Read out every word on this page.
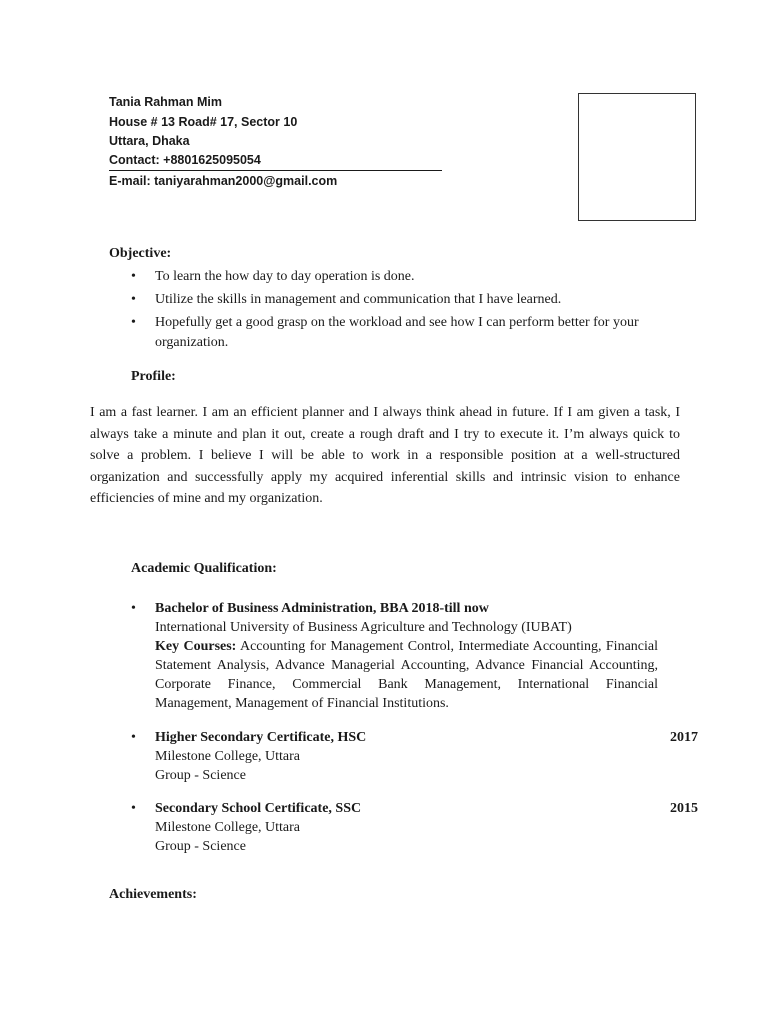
Tania Rahman Mim
House # 13 Road# 17, Sector 10
Uttara, Dhaka
Contact: +8801625095054
E-mail: taniyarahman2000@gmail.com
Objective:
• To learn the how day to day operation is done.
• Utilize the skills in management and communication that I have learned.
• Hopefully get a good grasp on the workload and see how I can perform better for your organization.
Profile:
I am a fast learner. I am an efficient planner and I always think ahead in future. If I am given a task, I always take a minute and plan it out, create a rough draft and I try to execute it. I’m always quick to solve a problem. I believe I will be able to work in a responsible position at a well-structured organization and successfully apply my acquired inferential skills and intrinsic vision to enhance efficiencies of mine and my organization.
Academic Qualification:
• Bachelor of Business Administration, BBA 2018-till now
International University of Business Agriculture and Technology (IUBAT)
Key Courses: Accounting for Management Control, Intermediate Accounting, Financial Statement Analysis, Advance Managerial Accounting, Advance Financial Accounting, Corporate Finance, Commercial Bank Management, International Financial Management, Management of Financial Institutions.
•	2017
Higher Secondary Certificate, HSC
Milestone College, Uttara
Group - Science
•	2015
Secondary School Certificate, SSC
Milestone College, Uttara
Group - Science
Achievements:
